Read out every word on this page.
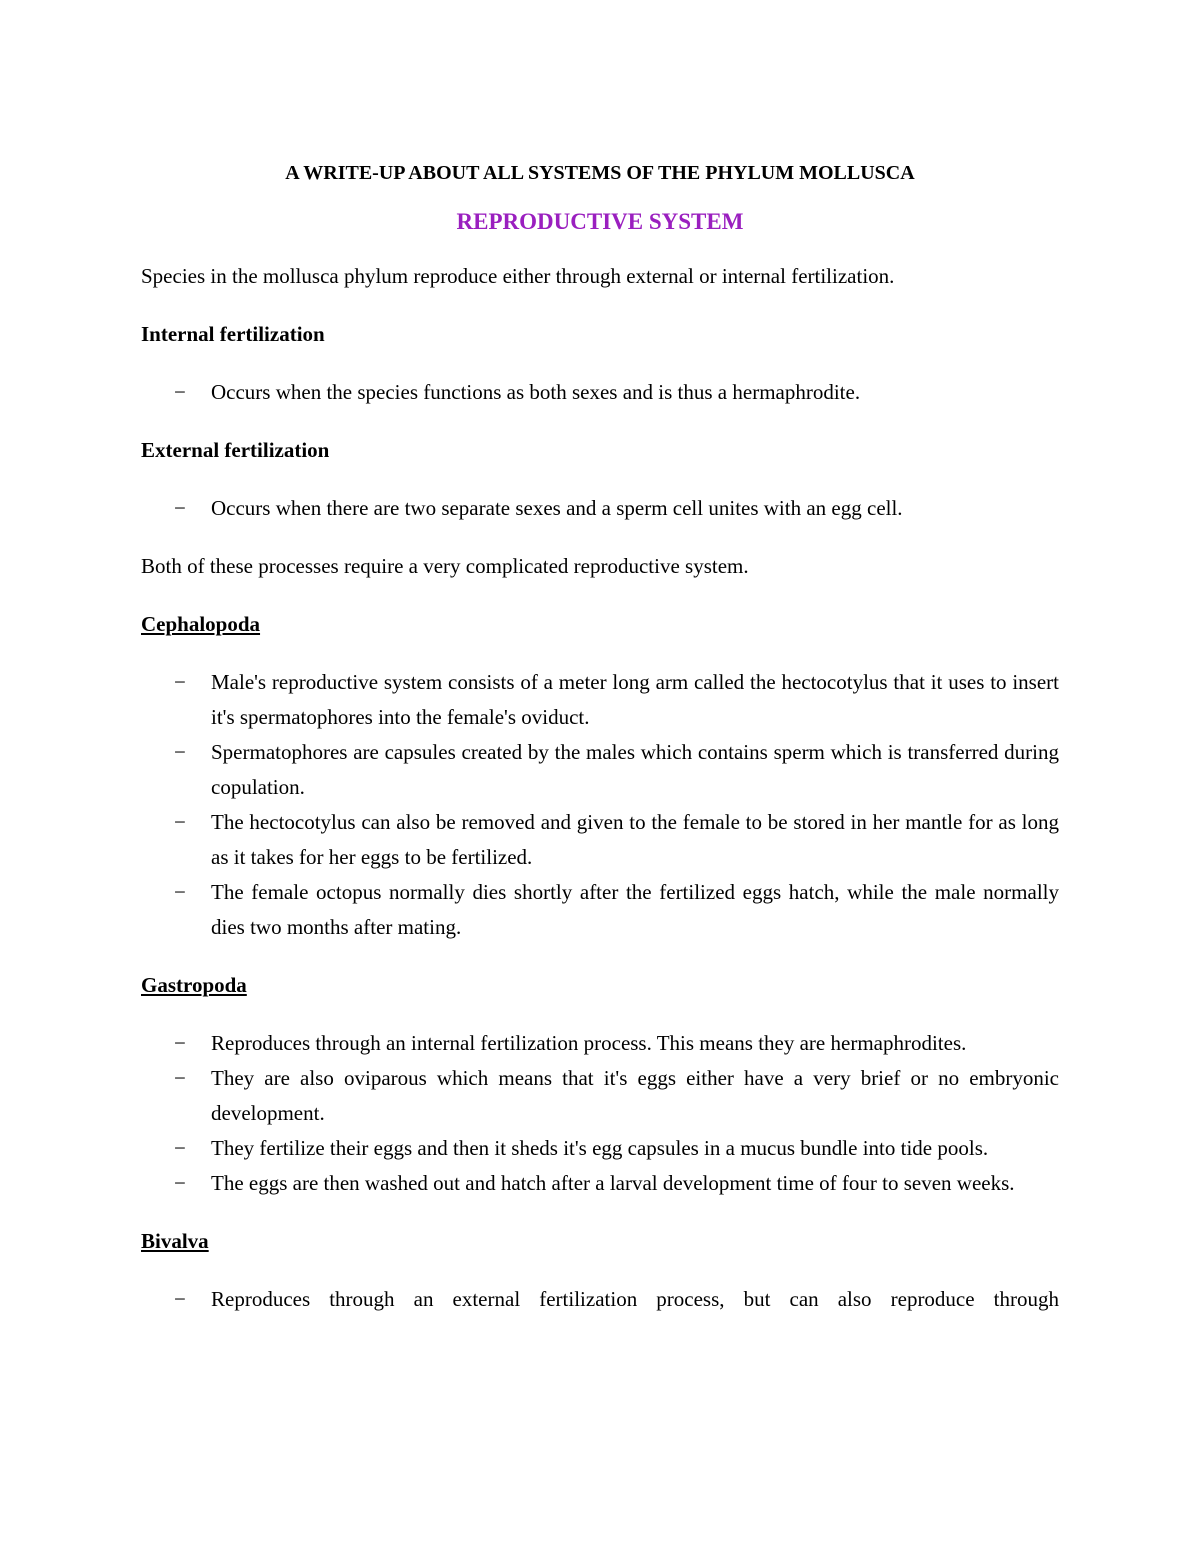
A WRITE-UP ABOUT ALL SYSTEMS OF THE PHYLUM MOLLUSCA
REPRODUCTIVE SYSTEM

Species in the mollusca phylum reproduce either through external or internal fertilization.

Internal fertilization

− Occurs when the species functions as both sexes and is thus a hermaphrodite.

External fertilization

− Occurs when there are two separate sexes and a sperm cell unites with an egg cell.

Both of these processes require a very complicated reproductive system.

Cephalopoda

− Male's reproductive system consists of a meter long arm called the hectocotylus that it uses to insert it's spermatophores into the female's oviduct.
− Spermatophores are capsules created by the males which contains sperm which is transferred during copulation.
− The hectocotylus can also be removed and given to the female to be stored in her mantle for as long as it takes for her eggs to be fertilized.
− The female octopus normally dies shortly after the fertilized eggs hatch, while the male normally dies two months after mating.

Gastropoda

− Reproduces through an internal fertilization process. This means they are hermaphrodites.
− They are also oviparous which means that it's eggs either have a very brief or no embryonic development.
− They fertilize their eggs and then it sheds it's egg capsules in a mucus bundle into tide pools.
− The eggs are then washed out and hatch after a larval development time of four to seven weeks.

Bivalva

− Reproduces through an external fertilization process, but can also reproduce through
